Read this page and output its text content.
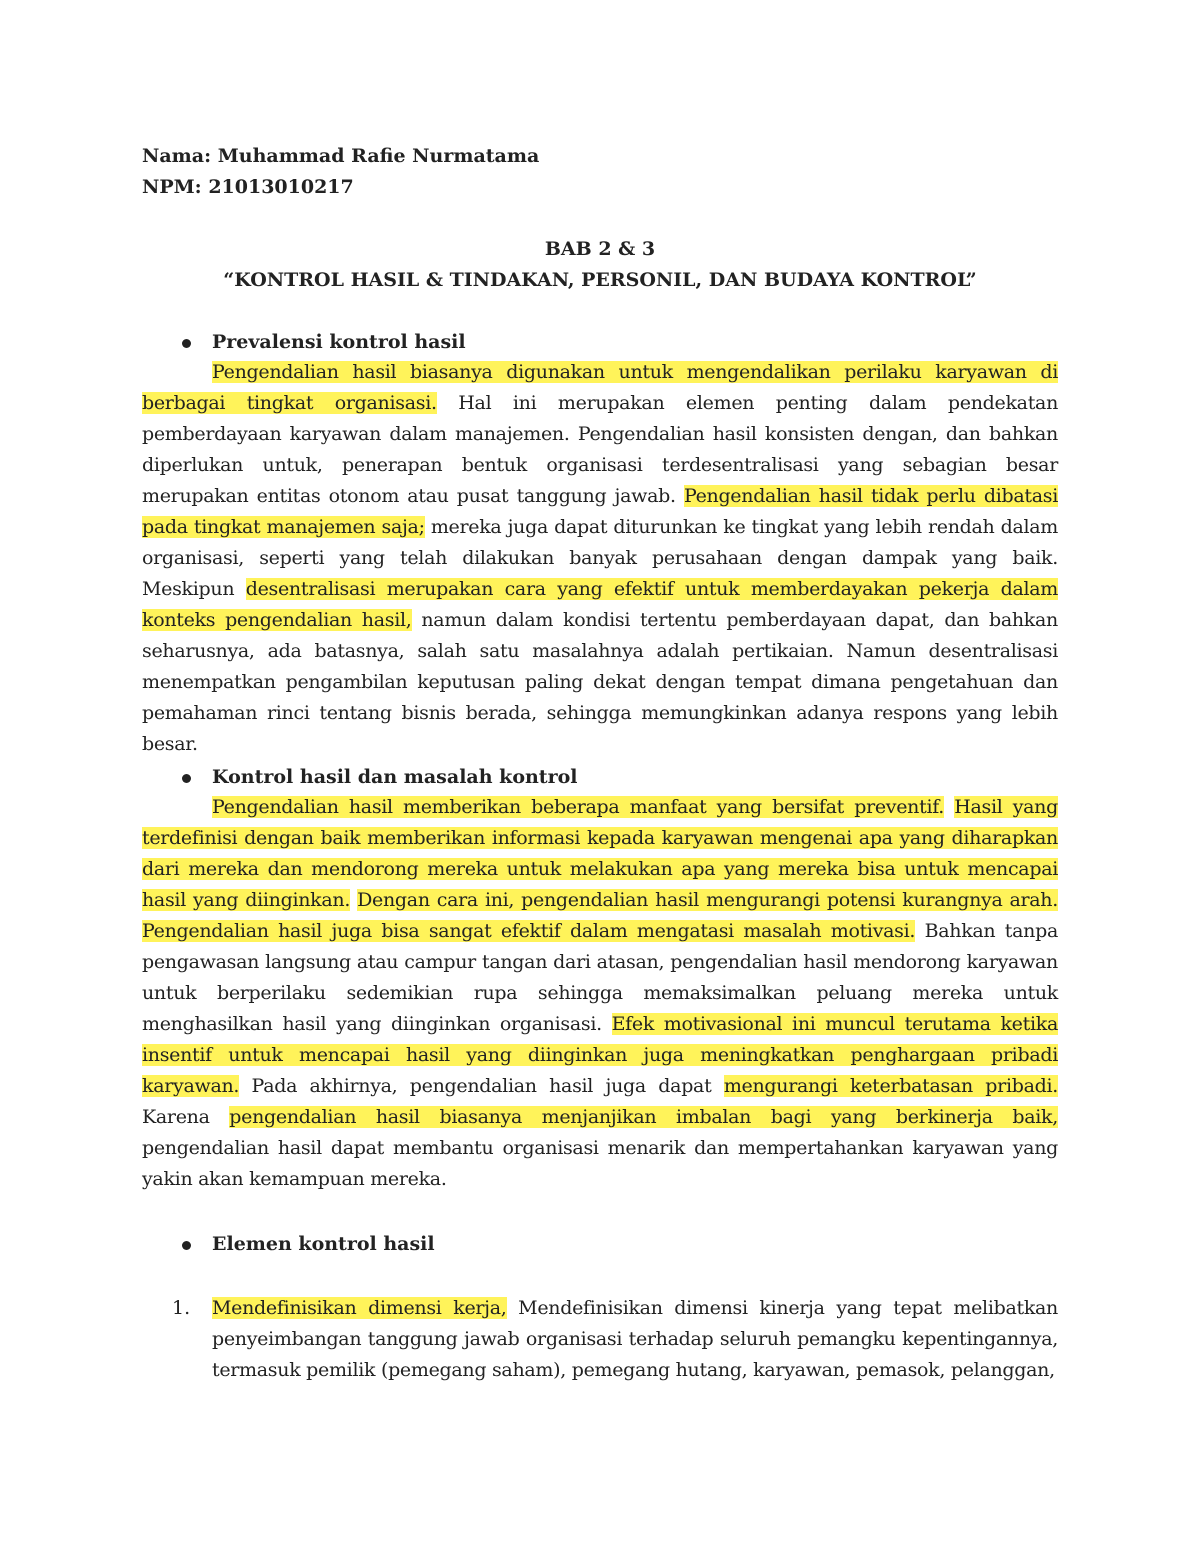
Nama: Muhammad Rafie Nurmatama
NPM: 21013010217
BAB 2 & 3
“KONTROL HASIL & TINDAKAN, PERSONIL, DAN BUDAYA KONTROL”
Prevalensi kontrol hasil

Pengendalian hasil biasanya digunakan untuk mengendalikan perilaku karyawan di berbagai tingkat organisasi. Hal ini merupakan elemen penting dalam pendekatan pemberdayaan karyawan dalam manajemen. Pengendalian hasil konsisten dengan, dan bahkan diperlukan untuk, penerapan bentuk organisasi terdesentralisasi yang sebagian besar merupakan entitas otonom atau pusat tanggung jawab. Pengendalian hasil tidak perlu dibatasi pada tingkat manajemen saja; mereka juga dapat diturunkan ke tingkat yang lebih rendah dalam organisasi, seperti yang telah dilakukan banyak perusahaan dengan dampak yang baik. Meskipun desentralisasi merupakan cara yang efektif untuk memberdayakan pekerja dalam konteks pengendalian hasil, namun dalam kondisi tertentu pemberdayaan dapat, dan bahkan seharusnya, ada batasnya, salah satu masalahnya adalah pertikaian. Namun desentralisasi menempatkan pengambilan keputusan paling dekat dengan tempat dimana pengetahuan dan pemahaman rinci tentang bisnis berada, sehingga memungkinkan adanya respons yang lebih besar.

Kontrol hasil dan masalah kontrol

Pengendalian hasil memberikan beberapa manfaat yang bersifat preventif. Hasil yang terdefinisi dengan baik memberikan informasi kepada karyawan mengenai apa yang diharapkan dari mereka dan mendorong mereka untuk melakukan apa yang mereka bisa untuk mencapai hasil yang diinginkan. Dengan cara ini, pengendalian hasil mengurangi potensi kurangnya arah. Pengendalian hasil juga bisa sangat efektif dalam mengatasi masalah motivasi. Bahkan tanpa pengawasan langsung atau campur tangan dari atasan, pengendalian hasil mendorong karyawan untuk berperilaku sedemikian rupa sehingga memaksimalkan peluang mereka untuk menghasilkan hasil yang diinginkan organisasi. Efek motivasional ini muncul terutama ketika insentif untuk mencapai hasil yang diinginkan juga meningkatkan penghargaan pribadi karyawan. Pada akhirnya, pengendalian hasil juga dapat mengurangi keterbatasan pribadi. Karena pengendalian hasil biasanya menjanjikan imbalan bagi yang berkinerja baik, pengendalian hasil dapat membantu organisasi menarik dan mempertahankan karyawan yang yakin akan kemampuan mereka.

Elemen kontrol hasil
1. Mendefinisikan dimensi kerja, Mendefinisikan dimensi kinerja yang tepat melibatkan penyeimbangan tanggung jawab organisasi terhadap seluruh pemangku kepentingannya, termasuk pemilik (pemegang saham), pemegang hutang, karyawan, pemasok, pelanggan,
